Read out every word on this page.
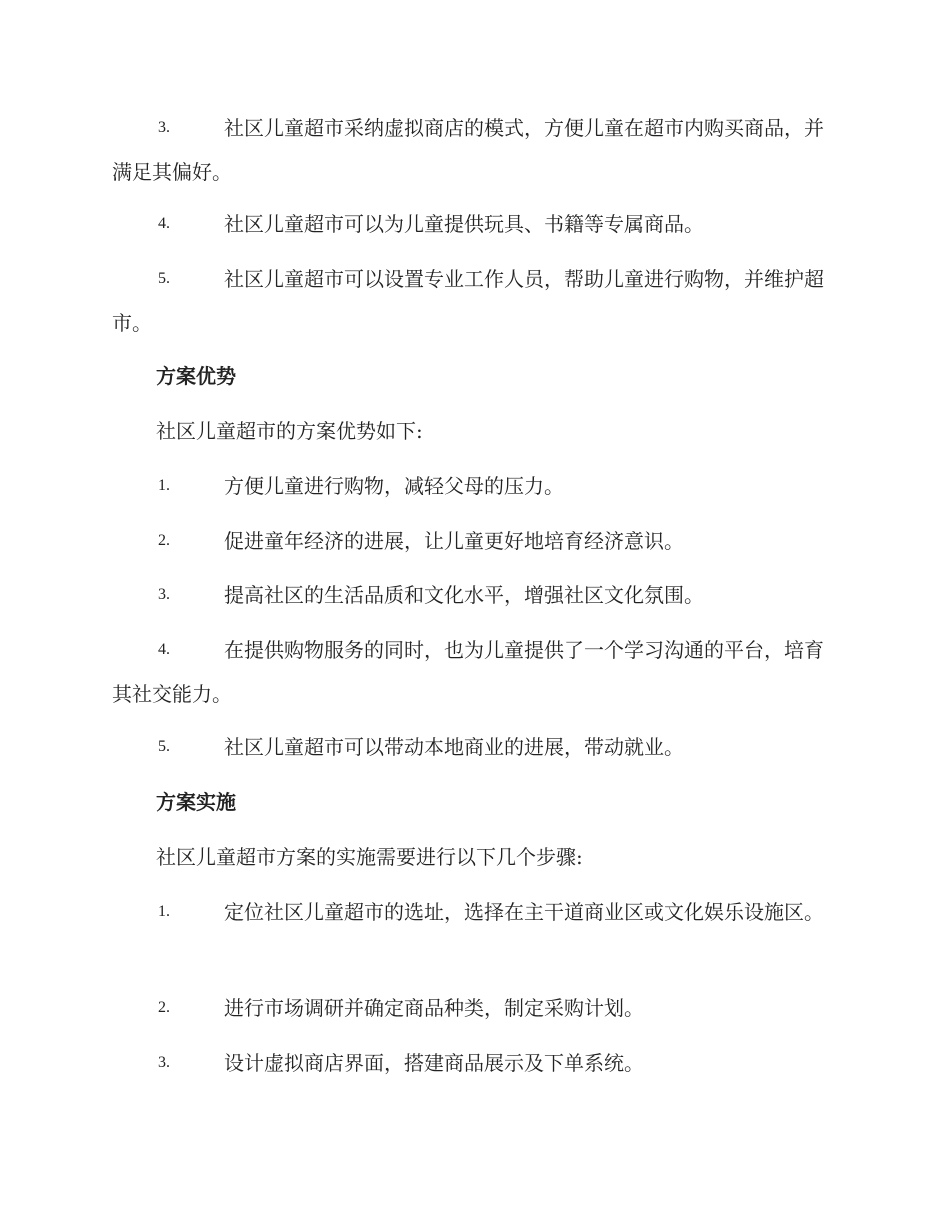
3.	社区儿童超市采纳虚拟商店的模式，方便儿童在超市内购买商品，并满足其偏好。
4.	社区儿童超市可以为儿童提供玩具、书籍等专属商品。
5.	社区儿童超市可以设置专业工作人员，帮助儿童进行购物，并维护超市。
方案优势
社区儿童超市的方案优势如下:
1.	方便儿童进行购物，减轻父母的压力。
2.	促进童年经济的进展，让儿童更好地培育经济意识。
3.	提高社区的生活品质和文化水平，增强社区文化氛围。
4.	在提供购物服务的同时，也为儿童提供了一个学习沟通的平台，培育其社交能力。
5.	社区儿童超市可以带动本地商业的进展，带动就业。
方案实施
社区儿童超市方案的实施需要进行以下几个步骤:
1.	定位社区儿童超市的选址，选择在主干道商业区或文化娱乐设施区。
2.	进行市场调研并确定商品种类，制定采购计划。
3.	设计虚拟商店界面，搭建商品展示及下单系统。
